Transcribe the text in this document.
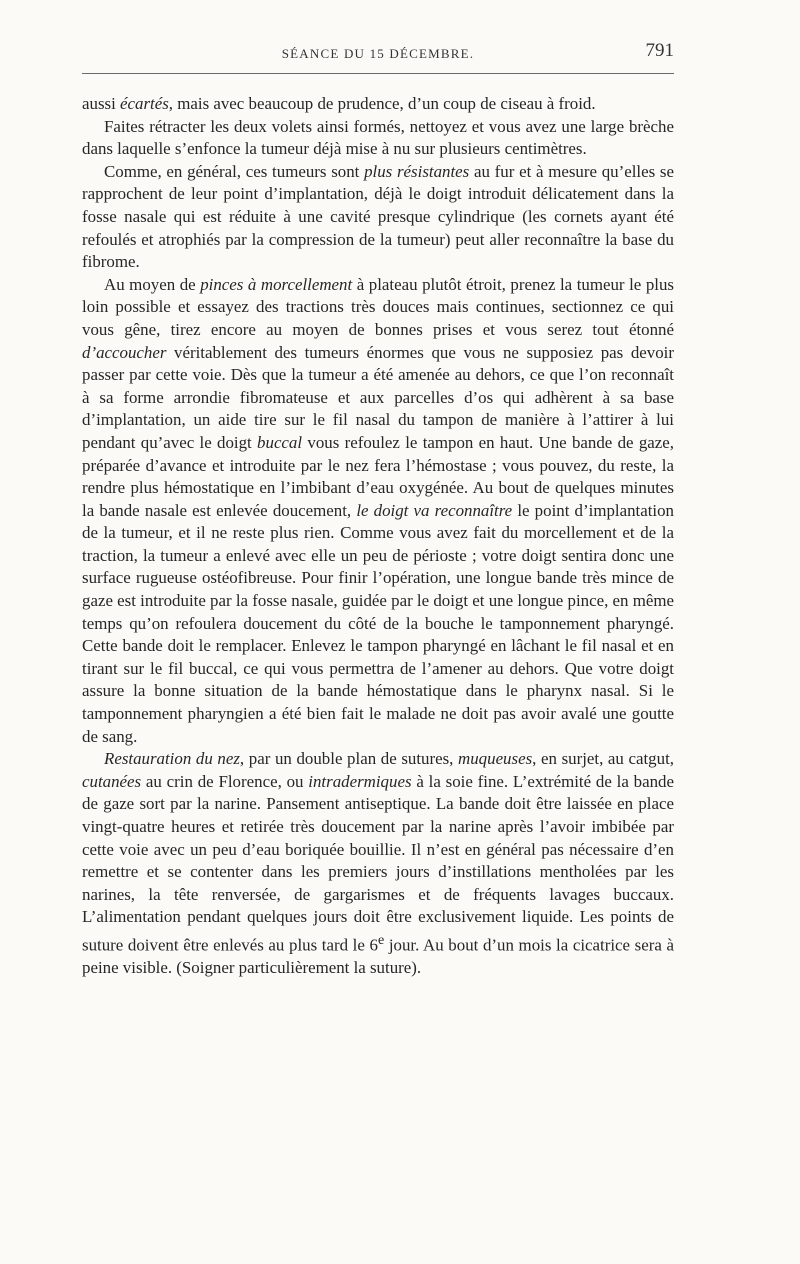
SÉANCE DU 15 DÉCEMBRE.	791

aussi écartés, mais avec beaucoup de prudence, d’un coup de ciseau à froid.

Faites rétracter les deux volets ainsi formés, nettoyez et vous avez une large brèche dans laquelle s’enfonce la tumeur déjà mise à nu sur plusieurs centimètres.

Comme, en général, ces tumeurs sont plus résistantes au fur et à mesure qu’elles se rapprochent de leur point d’implantation, déjà le doigt introduit délicatement dans la fosse nasale qui est réduite à une cavité presque cylindrique (les cornets ayant été refoulés et atrophiés par la compression de la tumeur) peut aller reconnaître la base du fibrome.

Au moyen de pinces à morcellement à plateau plutôt étroit, prenez la tumeur le plus loin possible et essayez des tractions très douces mais continues, sectionnez ce qui vous gêne, tirez encore au moyen de bonnes prises et vous serez tout étonné d’accoucher véritablement des tumeurs énormes que vous ne supposiez pas devoir passer par cette voie. Dès que la tumeur a été amenée au dehors, ce que l’on reconnaît à sa forme arrondie fibromateuse et aux parcelles d’os qui adhèrent à sa base d’implantation, un aide tire sur le fil nasal du tampon de manière à l’attirer à lui pendant qu’avec le doigt buccal vous refoulez le tampon en haut. Une bande de gaze, préparée d’avance et introduite par le nez fera l’hémostase ; vous pouvez, du reste, la rendre plus hémostatique en l’imbibant d’eau oxygénée. Au bout de quelques minutes la bande nasale est enlevée doucement, le doigt va reconnaître le point d’implantation de la tumeur, et il ne reste plus rien. Comme vous avez fait du morcellement et de la traction, la tumeur a enlevé avec elle un peu de périoste ; votre doigt sentira donc une surface rugueuse ostéofibreuse. Pour finir l’opération, une longue bande très mince de gaze est introduite par la fosse nasale, guidée par le doigt et une longue pince, en même temps qu’on refoulera doucement du côté de la bouche le tamponnement pharyngé. Cette bande doit le remplacer. Enlevez le tampon pharyngé en lâchant le fil nasal et en tirant sur le fil buccal, ce qui vous permettra de l’amener au dehors. Que votre doigt assure la bonne situation de la bande hémostatique dans le pharynx nasal. Si le tamponnement pharyngien a été bien fait le malade ne doit pas avoir avalé une goutte de sang.

Restauration du nez, par un double plan de sutures, muqueuses, en surjet, au catgut, cutanées au crin de Florence, ou intradermiques à la soie fine. L’extrémité de la bande de gaze sort par la narine. Pansement antiseptique. La bande doit être laissée en place vingt-quatre heures et retirée très doucement par la narine après l’avoir imbibée par cette voie avec un peu d’eau boriquée bouillie. Il n’est en général pas nécessaire d’en remettre et se contenter dans les premiers jours d’instillations mentholées par les narines, la tête renversée, de gargarismes et de fréquents lavages buccaux. L’alimentation pendant quelques jours doit être exclusivement liquide. Les points de suture doivent être enlevés au plus tard le 6e jour. Au bout d’un mois la cicatrice sera à peine visible. (Soigner particulièrement la suture).
